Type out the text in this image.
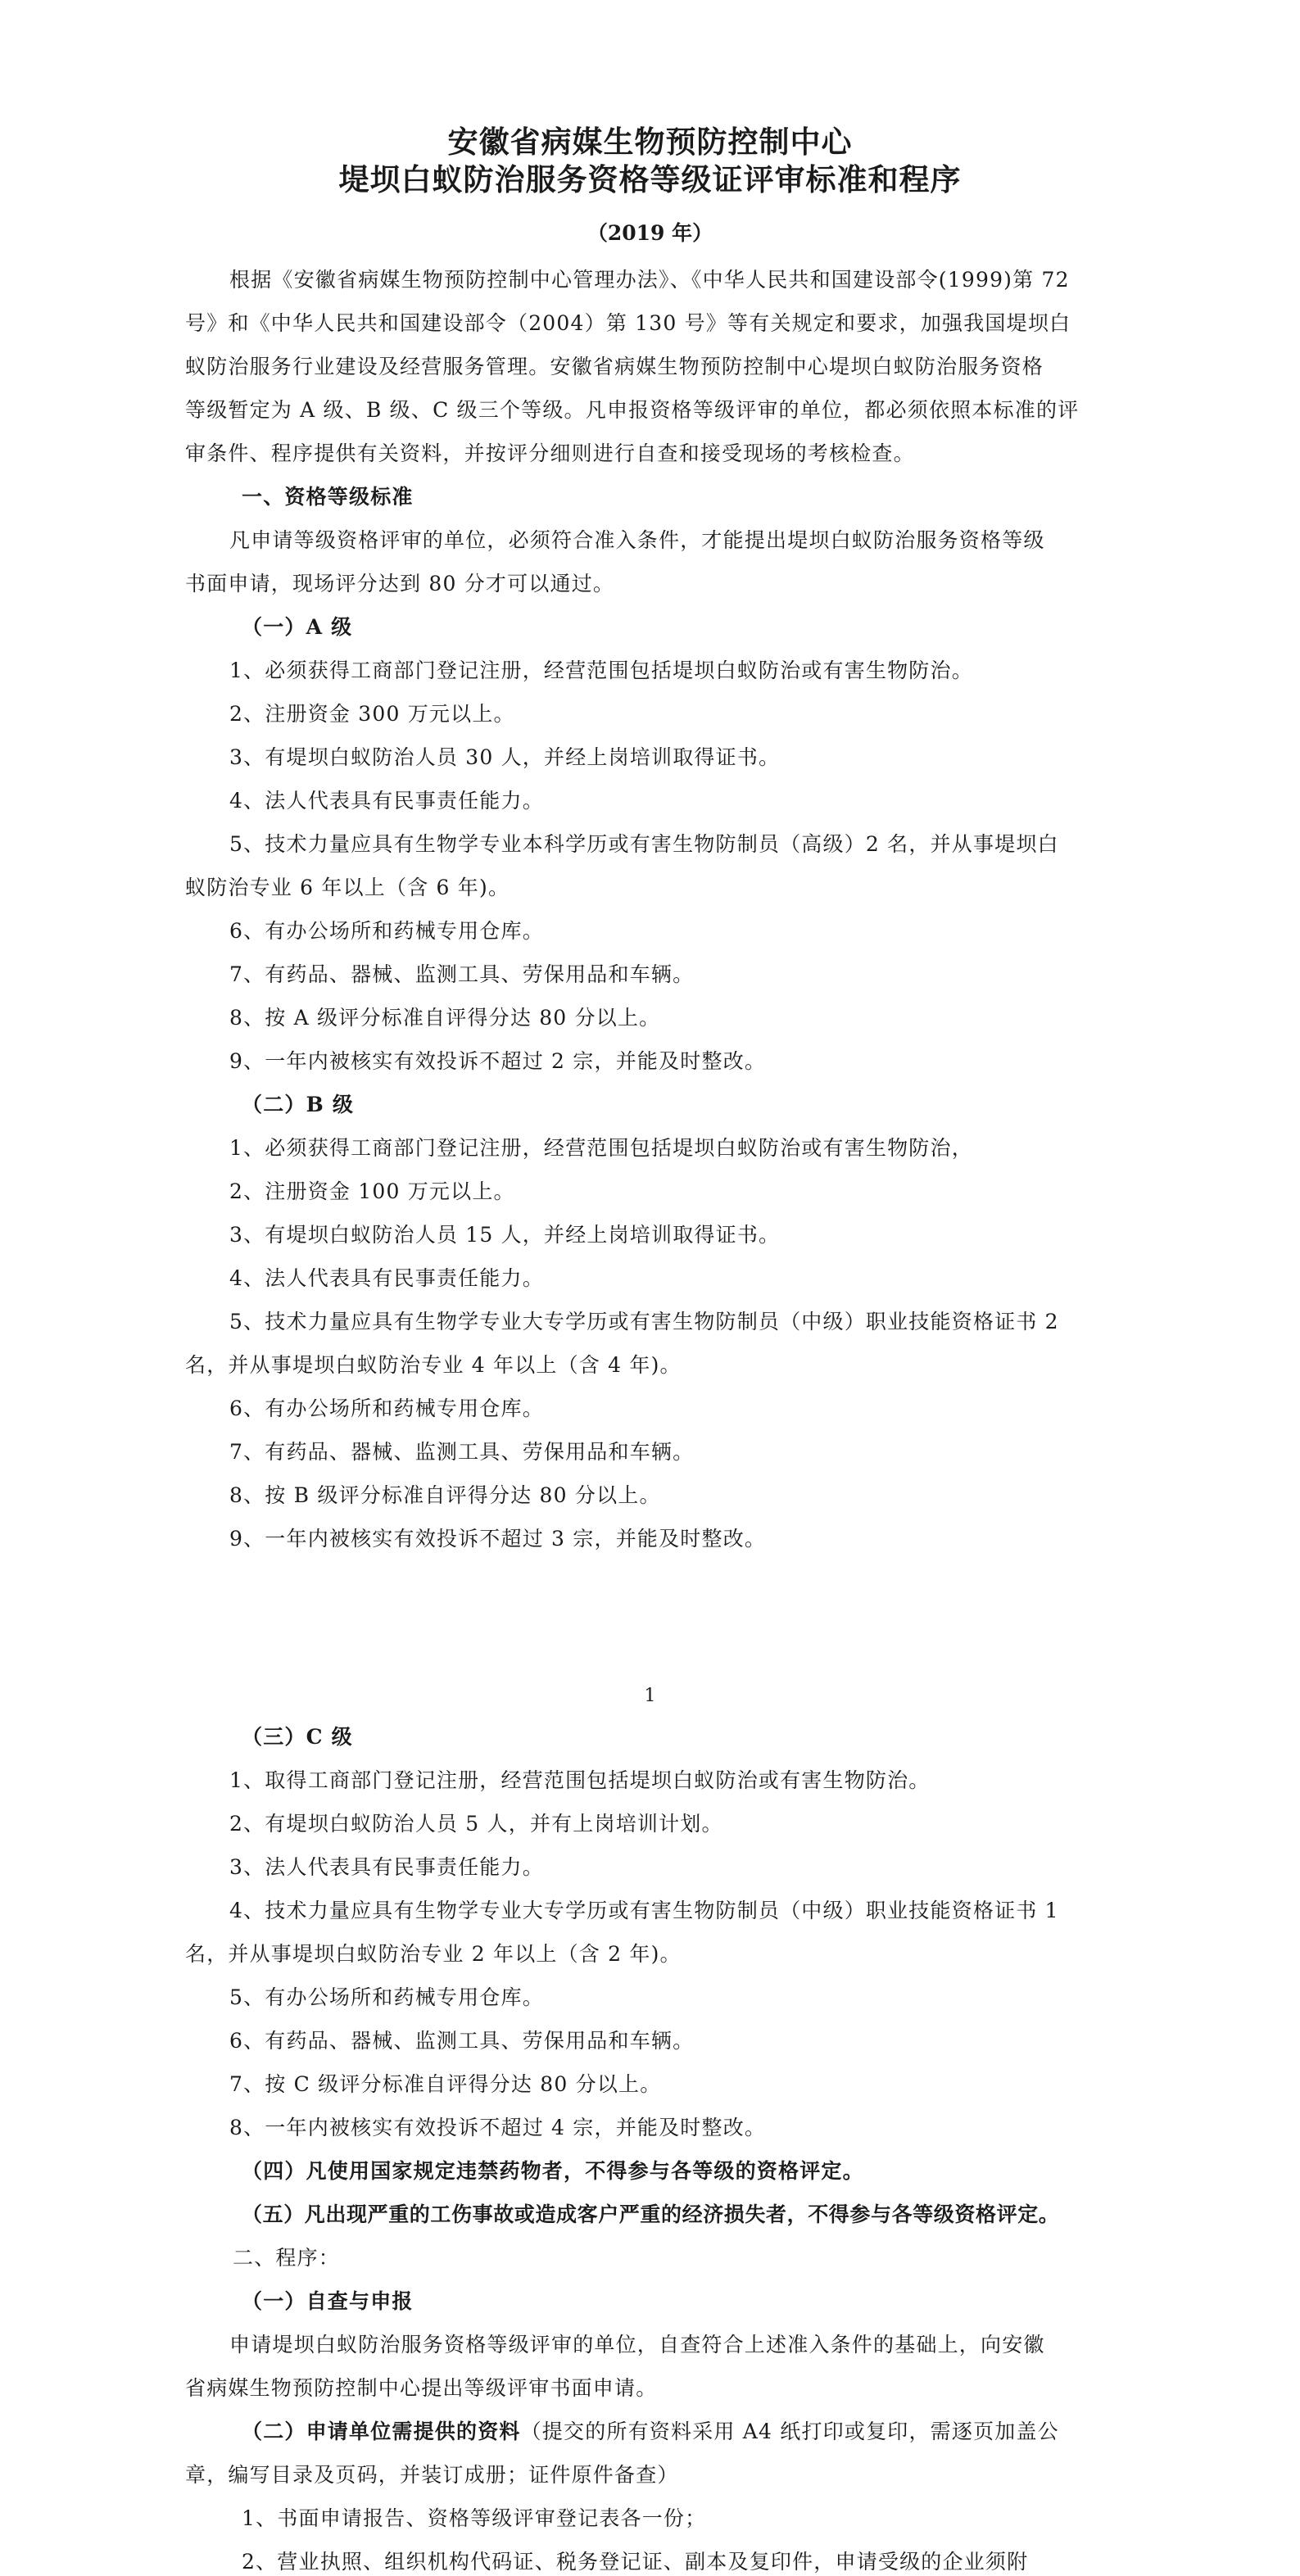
安徽省病媒生物预防控制中心
堤坝白蚁防治服务资格等级证评审标准和程序
（2019 年）
根据《安徽省病媒生物预防控制中心管理办法》、《中华人民共和国建设部令(1999)第 72
号》和《中华人民共和国建设部令（2004）第 130 号》等有关规定和要求，加强我国堤坝白
蚁防治服务行业建设及经营服务管理。安徽省病媒生物预防控制中心堤坝白蚁防治服务资格
等级暂定为 A 级、B 级、C 级三个等级。凡申报资格等级评审的单位，都必须依照本标准的评
审条件、程序提供有关资料，并按评分细则进行自查和接受现场的考核检查。
一、资格等级标准
凡申请等级资格评审的单位，必须符合准入条件，才能提出堤坝白蚁防治服务资格等级
书面申请，现场评分达到 80 分才可以通过。
（一）A 级
1、必须获得工商部门登记注册，经营范围包括堤坝白蚁防治或有害生物防治。
2、注册资金 300 万元以上。
3、有堤坝白蚁防治人员 30 人，并经上岗培训取得证书。
4、法人代表具有民事责任能力。
5、技术力量应具有生物学专业本科学历或有害生物防制员（高级）2 名，并从事堤坝白
蚁防治专业 6 年以上（含 6 年)。
6、有办公场所和药械专用仓库。
7、有药品、器械、监测工具、劳保用品和车辆。
8、按 A 级评分标准自评得分达 80 分以上。
9、一年内被核实有效投诉不超过 2 宗，并能及时整改。
（二）B 级
1、必须获得工商部门登记注册，经营范围包括堤坝白蚁防治或有害生物防治，
2、注册资金 100 万元以上。
3、有堤坝白蚁防治人员 15 人，并经上岗培训取得证书。
4、法人代表具有民事责任能力。
5、技术力量应具有生物学专业大专学历或有害生物防制员（中级）职业技能资格证书 2
名，并从事堤坝白蚁防治专业 4 年以上（含 4 年)。
6、有办公场所和药械专用仓库。
7、有药品、器械、监测工具、劳保用品和车辆。
8、按 B 级评分标准自评得分达 80 分以上。
9、一年内被核实有效投诉不超过 3 宗，并能及时整改。
1
（三）C 级
1、取得工商部门登记注册，经营范围包括堤坝白蚁防治或有害生物防治。
2、有堤坝白蚁防治人员 5 人，并有上岗培训计划。
3、法人代表具有民事责任能力。
4、技术力量应具有生物学专业大专学历或有害生物防制员（中级）职业技能资格证书 1
名，并从事堤坝白蚁防治专业 2 年以上（含 2 年)。
5、有办公场所和药械专用仓库。
6、有药品、器械、监测工具、劳保用品和车辆。
7、按 C 级评分标准自评得分达 80 分以上。
8、一年内被核实有效投诉不超过 4 宗，并能及时整改。
（四）凡使用国家规定违禁药物者，不得参与各等级的资格评定。
（五）凡出现严重的工伤事故或造成客户严重的经济损失者，不得参与各等级资格评定。
二、程序：
（一）自查与申报
申请堤坝白蚁防治服务资格等级评审的单位，自查符合上述准入条件的基础上，向安徽
省病媒生物预防控制中心提出等级评审书面申请。
（二）申请单位需提供的资料（提交的所有资料采用 A4 纸打印或复印，需逐页加盖公
章，编写目录及页码，并装订成册；证件原件备查）
1、书面申请报告、资格等级评审登记表各一份；
2、营业执照、组织机构代码证、税务登记证、副本及复印件，申请受级的企业须附
